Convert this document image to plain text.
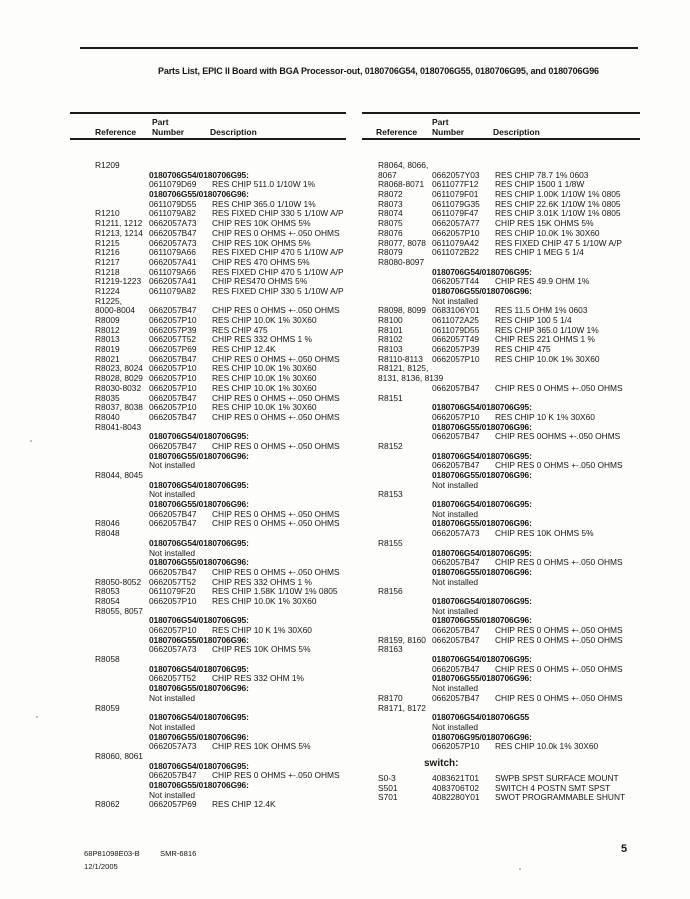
Parts List, EPIC II Board with BGA Processor-out, 0180706G54, 0180706G55, 0180706G95, and 0180706G96
Reference
Part
Number	Description	Reference
Part
Number	Description
R1209
0180706G54/0180706G95:
0611079D69 RES CHIP 511.0 1/10W 1%
0180706G55/0180706G96:
0611079D55 RES CHIP 365.0 1/10W 1%
R1210	0611079A82 RES FIXED CHIP 330 5 1/10W A/P
R1211, 1212 0662057A73 CHIP RES 10K OHMS 5%
R1213, 1214 0662057B47 CHIP RES 0 OHMS +-.050 OHMS
R1215	0662057A73 CHIP RES 10K OHMS 5%
R1216	0611079A66 RES FIXED CHIP 470 5 1/10W A/P
R1217	0662057A41 CHIP RES 470 OHMS 5%
R1218	0611079A66 RES FIXED CHIP 470 5 1/10W A/P
R1219-1223 0662057A41 CHIP RES470 OHMS 5%
R1224	0611079A82 RES FIXED CHIP 330 5 1/10W A/P
R1225,
8000-8004 0662057B47 CHIP RES 0 OHMS +-.050 OHMS
R8009	0662057P10 RES CHIP 10.0K 1% 30X60
R8012	0662057P39 RES CHIP 475
R8013	0662057T52 CHIP RES 332 OHMS 1 %
R8019	0662057P69 RES CHIP 12.4K
R8021	0662057B47 CHIP RES 0 OHMS +-.050 OHMS
R8023, 8024 0662057P10 RES CHIP 10.0K 1% 30X60
R8028, 8029 0662057P10 RES CHIP 10.0K 1% 30X60
R8030-8032 0662057P10 RES CHIP 10.0K 1% 30X60
R8035	0662057B47 CHIP RES 0 OHMS +-.050 OHMS
R8037, 8038 0662057P10 RES CHIP 10.0K 1% 30X60
R8040	0662057B47 CHIP RES 0 OHMS +-.050 OHMS
R8041-8043
0180706G54/0180706G95:
0662057B47 CHIP RES 0 OHMS +-.050 OHMS
0180706G55/0180706G96:
Not installed
R8044, 8045
0180706G54/0180706G95:
Not installed
0180706G55/0180706G96:
0662057B47 CHIP RES 0 OHMS +-.050 OHMS
R8046	0662057B47 CHIP RES 0 OHMS +-.050 OHMS
R8048
0180706G54/0180706G95:
Not installed
0180706G55/0180706G96:
0662057B47 CHIP RES 0 OHMS +-.050 OHMS
R8050-8052 0662057T52 CHIP RES 332 OHMS 1 %
R8053	0611079F20 RES CHIP 1.58K 1/10W 1% 0805
R8054	0662057P10 RES CHIP 10.0K 1% 30X60
R8055, 8057
0180706G54/0180706G95:
0662057P10 RES CHIP 10 K 1% 30X60
0180706G55/0180706G96:
0662057A73 CHIP RES 10K OHMS 5%
R8058
0180706G54/0180706G95:
0662057T52 CHIP RES 332 OHM 1%
0180706G55/0180706G96:
Not installed
R8059
0180706G54/0180706G95:
Not installed
0180706G55/0180706G96:
0662057A73 CHIP RES 10K OHMS 5%
R8060, 8061
0180706G54/0180706G95:
0662057B47 CHIP RES 0 OHMS +-.050 OHMS
0180706G55/0180706G96:
Not installed
R8062	0662057P69 RES CHIP 12.4K
R8064, 8066,
8067	0662057Y03 RES CHIP 78.7 1% 0603
R8068-8071 0611077F12 RES CHIP 1500 1 1/8W
R8072	0611079F01 RES CHIP 1.00K 1/10W 1% 0805
R8073	0611079G35 RES CHIP 22.6K 1/10W 1% 0805
R8074	0611079F47 RES CHIP 3.01K 1/10W 1% 0805
R8075	0662057A77 CHIP RES 15K OHMS 5%
R8076	0662057P10 RES CHIP 10.0K 1% 30X60
R8077, 8078 0611079A42 RES FIXED CHIP 47 5 1/10W A/P
R8079	0611072B22 RES CHIP 1 MEG 5 1/4
R8080-8097
0180706G54/0180706G95:
0662057T44 CHIP RES 49.9 OHM 1%
0180706G55/0180706G96:
Not installed
R8098, 8099 0683106Y01 RES 11.5 OHM 1% 0603
R8100	0611072A25 RES CHIP 100 5 1/4
R8101	0611079D55 RES CHIP 365.0 1/10W 1%
R8102	0662057T49 CHIP RES 221 OHMS 1 %
R8103	0662057P39 RES CHIP 475
R8110-8113 0662057P10 RES CHIP 10.0K 1% 30X60
R8121, 8125,
8131, 8136, 8139
0662057B47 CHIP RES 0 OHMS +-.050 OHMS
R8151
0180706G54/0180706G95:
0662057P10 RES CHIP 10 K 1% 30X60
0180706G55/0180706G96:
0662057B47 CHIP RES 0OHMS +-.050 OHMS
R8152
0180706G54/0180706G95:
0662057B47 CHIP RES 0 OHMS +-.050 OHMS
0180706G55/0180706G96:
Not installed
R8153
0180706G54/0180706G95:
Not installed
0180706G55/0180706G96:
0662057A73 CHIP RES 10K OHMS 5%
R8155
0180706G54/0180706G95:
0662057B47 CHIP RES 0 OHMS +-.050 OHMS
0180706G55/0180706G96:
Not installed
R8156
0180706G54/0180706G95:
Not installed
0180706G55/0180706G96:
0662057B47 CHIP RES 0 OHMS +-.050 OHMS
R8159, 8160 0662057B47 CHIP RES 0 OHMS +-.050 OHMS
R8163
0180706G54/0180706G95:
0662057B47 CHIP RES 0 OHMS +-.050 OHMS
0180706G55/0180706G96:
Not installed
R8170	0662057B47 CHIP RES 0 OHMS +-.050 OHMS
R8171, 8172
0180706G54/0180706G55
Not installed
0180706G95/0180706G96:
0662057P10 RES CHIP 10.0k 1% 30X60
switch:
S0-3	4083621T01 SWPB SPST SURFACE MOUNT
S501	4083706T02 SWITCH 4 POSTN SMT SPST
S701	4082280Y01 SWOT PROGRAMMABLE SHUNT
68P81098E03-B	SMR-6816
12/1/2005
5
